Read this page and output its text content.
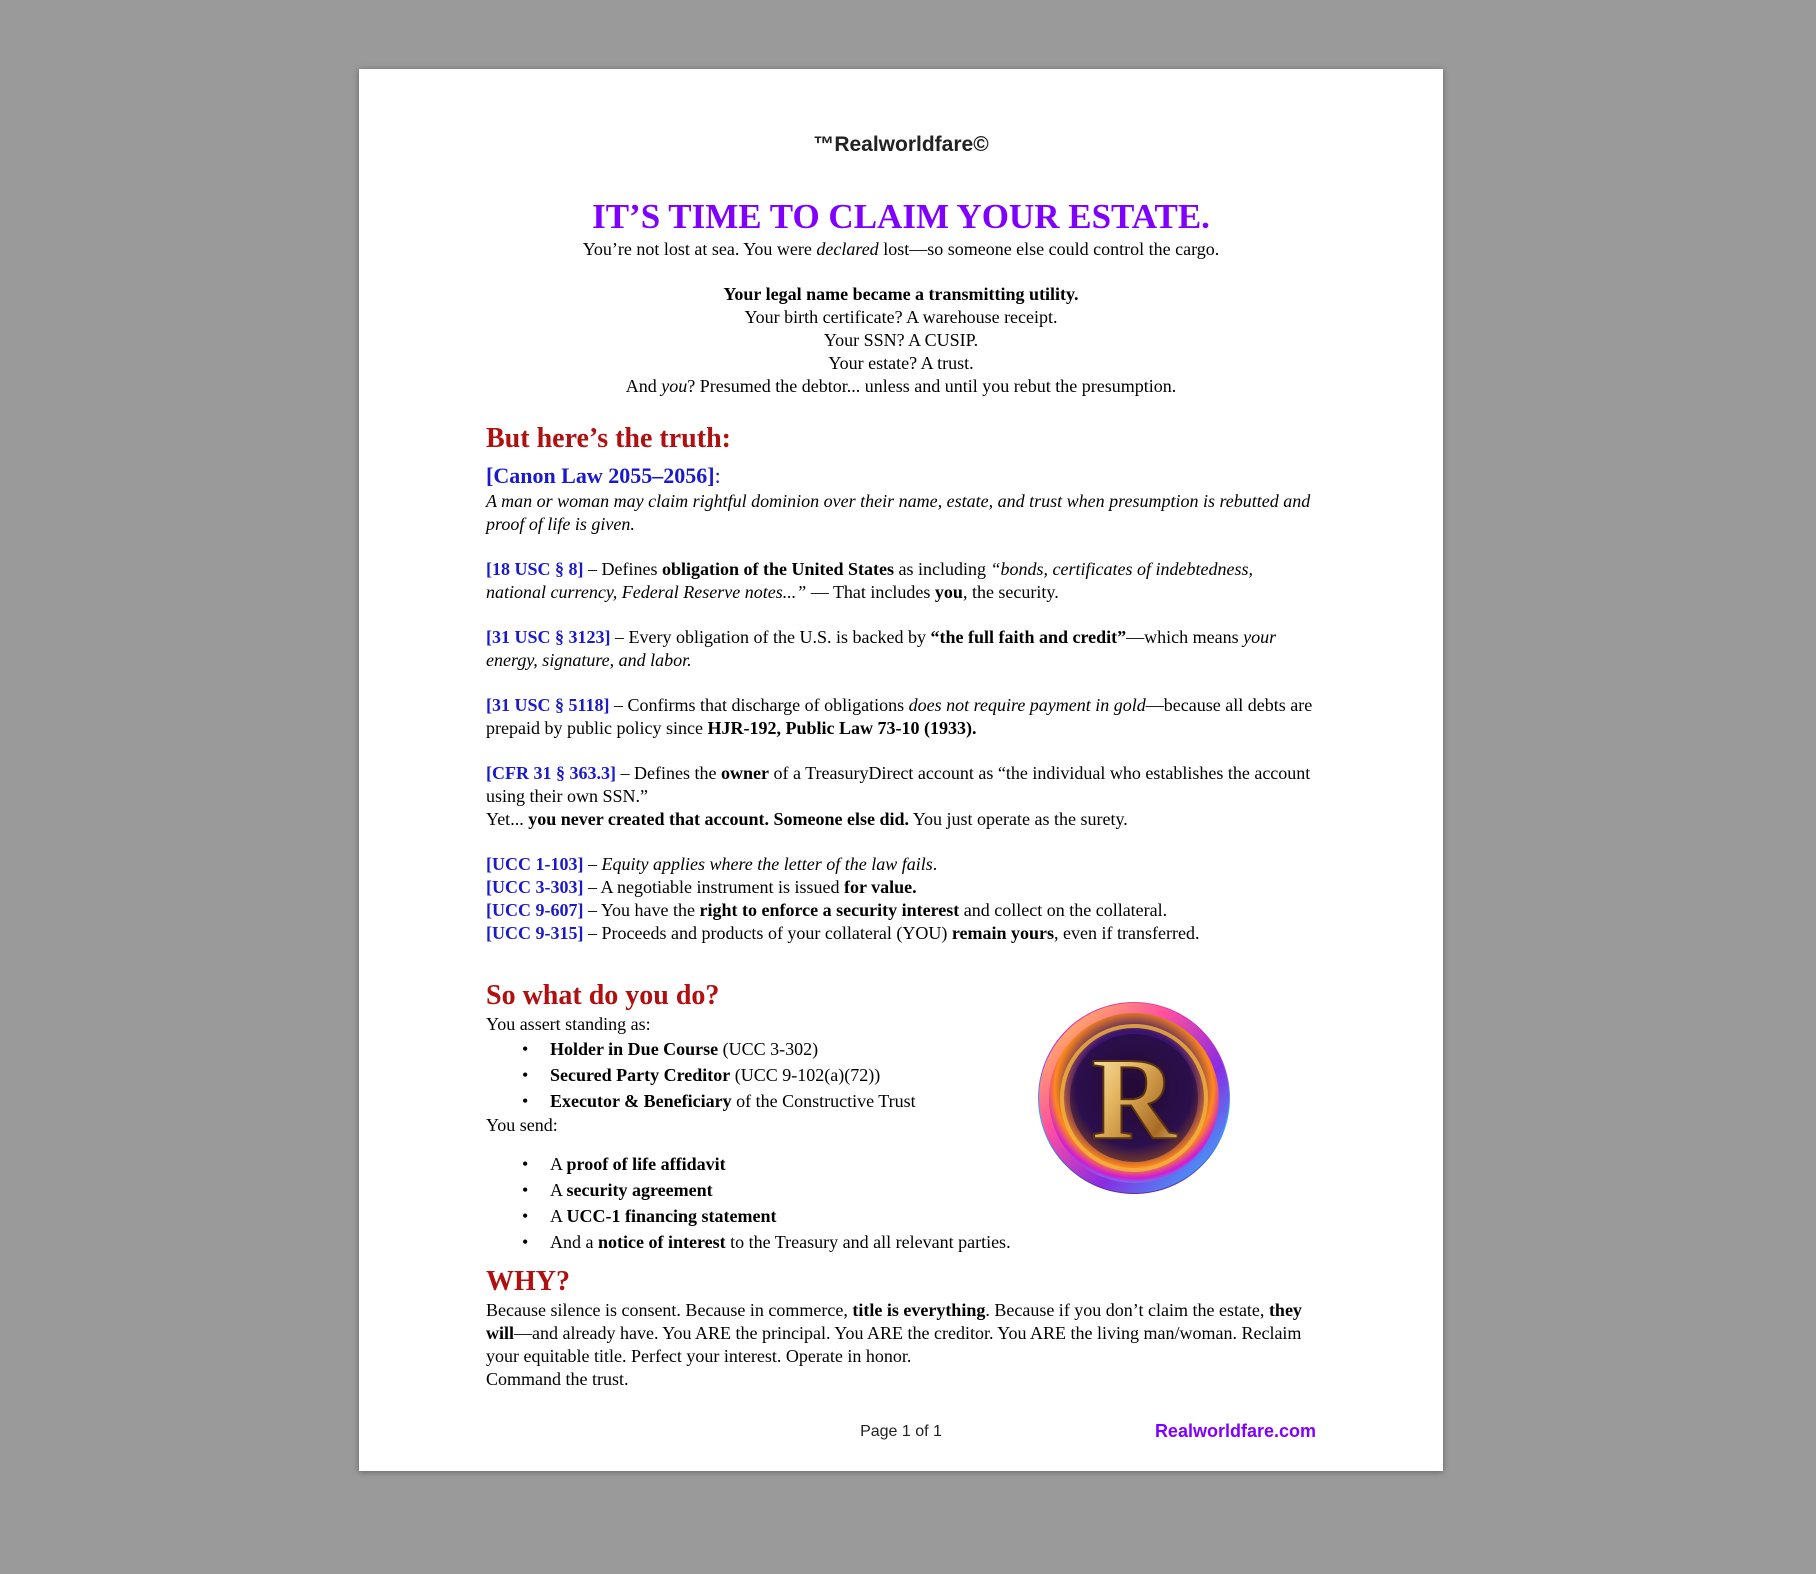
™Realworldfare©

IT’S TIME TO CLAIM YOUR ESTATE.

You’re not lost at sea. You were declared lost—so someone else could control the cargo.

Your legal name became a transmitting utility.

Your birth certificate? A warehouse receipt.

Your SSN? A CUSIP.

Your estate? A trust.

And you? Presumed the debtor... unless and until you rebut the presumption.

But here’s the truth:

[Canon Law 2055–2056]:

A man or woman may claim rightful dominion over their name, estate, and trust when presumption is rebutted and proof of life is given.

[18 USC § 8] – Defines obligation of the United States as including “bonds, certificates of indebtedness, national currency, Federal Reserve notes...” — That includes you, the security.

[31 USC § 3123] – Every obligation of the U.S. is backed by “the full faith and credit”—which means your energy, signature, and labor.

[31 USC § 5118] – Confirms that discharge of obligations does not require payment in gold—because all debts are prepaid by public policy since HJR-192, Public Law 73-10 (1933).

[CFR 31 § 363.3] – Defines the owner of a TreasuryDirect account as “the individual who establishes the account using their own SSN.”

Yet... you never created that account. Someone else did. You just operate as the surety.

[UCC 1-103] – Equity applies where the letter of the law fails.

[UCC 3-303] – A negotiable instrument is issued for value.

[UCC 9-607] – You have the right to enforce a security interest and collect on the collateral.

[UCC 9-315] – Proceeds and products of your collateral (YOU) remain yours, even if transferred.

So what do you do?

You assert standing as:

• Holder in Due Course (UCC 3-302)
• Secured Party Creditor (UCC 9-102(a)(72))
• Executor & Beneficiary of the Constructive Trust

You send:

• A proof of life affidavit
• A security agreement
• A UCC-1 financing statement
• And a notice of interest to the Treasury and all relevant parties.
WHY?

Because silence is consent. Because in commerce, title is everything. Because if you don’t claim the estate, they will—and already have. You ARE the principal. You ARE the creditor. You ARE the living man/woman. Reclaim your equitable title. Perfect your interest. Operate in honor.

Command the trust.

R
Page 1 of 1	Realworldfare.com
